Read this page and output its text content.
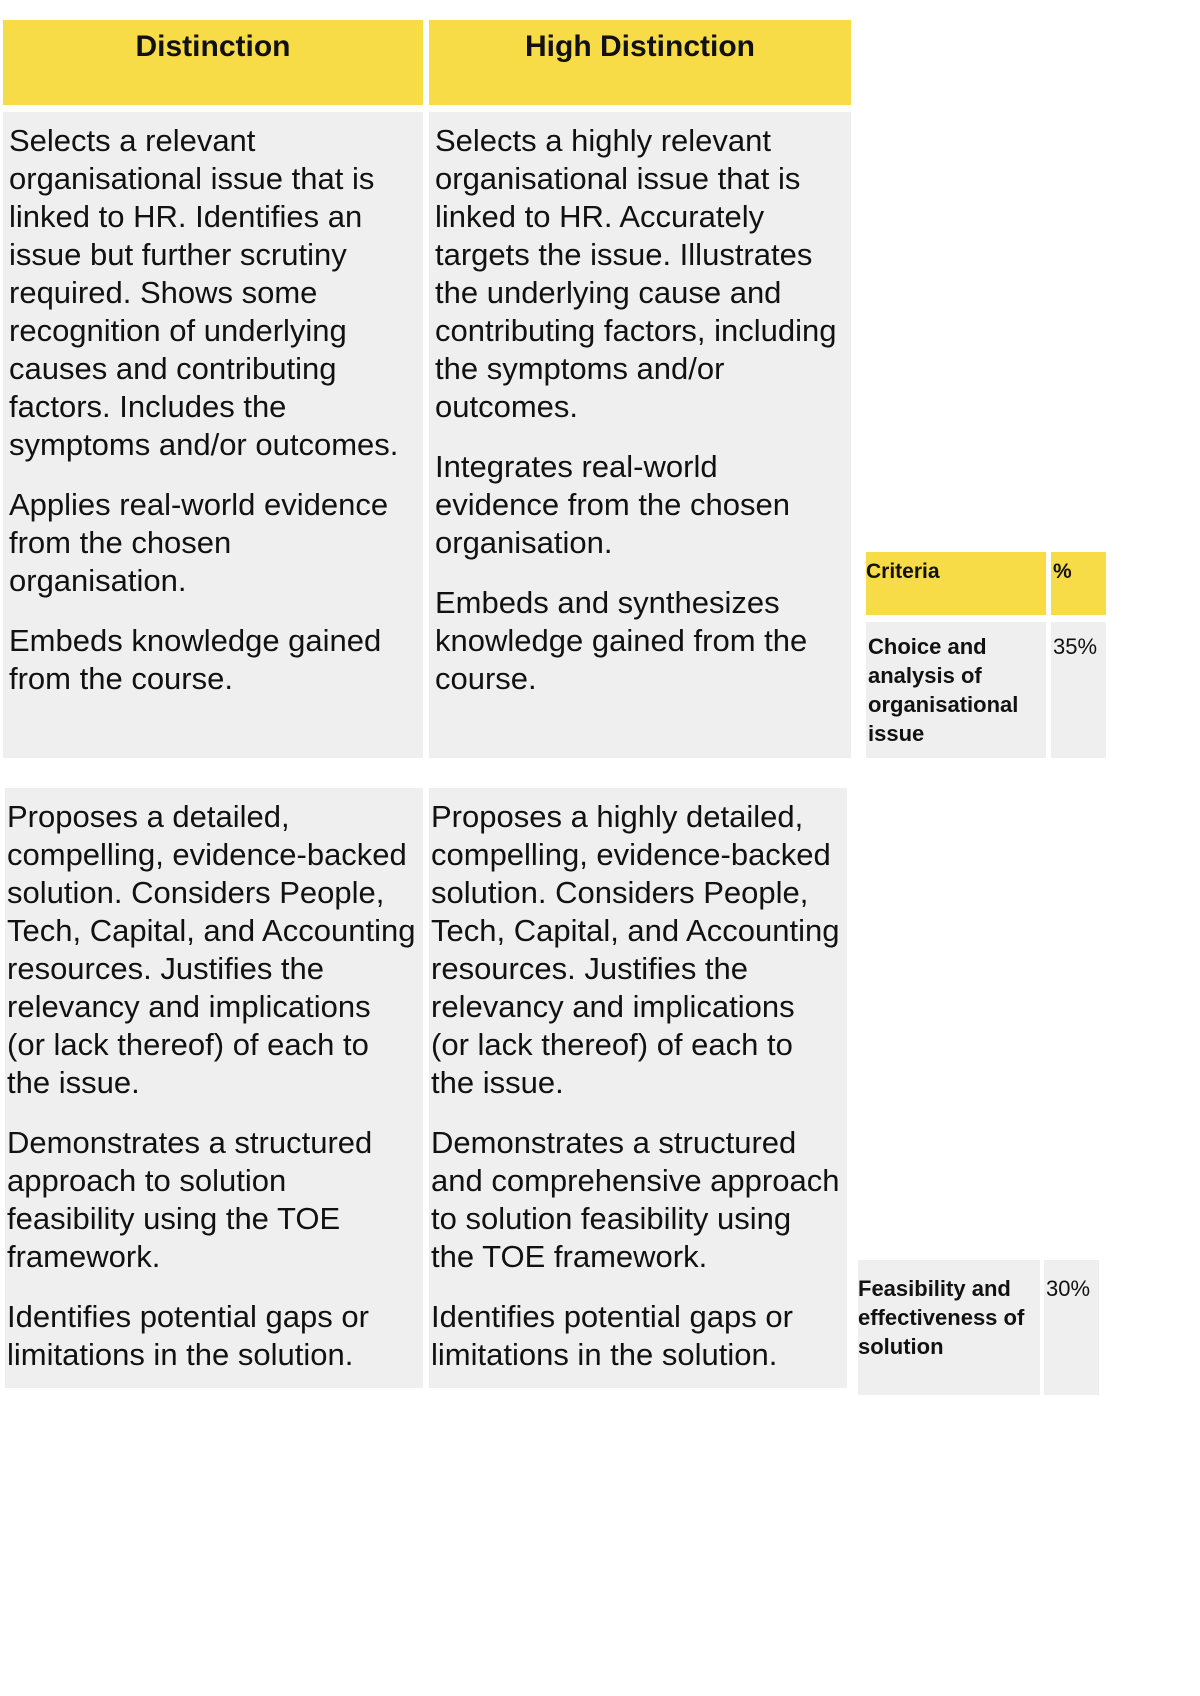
Distinction	High Distinction

Selects a relevant organisational issue that is linked to HR. Identifies an issue but further scrutiny required. Shows some recognition of underlying causes and contributing factors. Includes the symptoms and/or outcomes.

Applies real-world evidence from the chosen organisation.

Embeds knowledge gained from the course.

Selects a highly relevant organisational issue that is linked to HR. Accurately targets the issue. Illustrates the underlying cause and contributing factors, including the symptoms and/or outcomes.

Integrates real-world evidence from the chosen organisation.

Embeds and synthesizes knowledge gained from the course.

Proposes a detailed, compelling, evidence-backed solution. Considers People, Tech, Capital, and Accounting resources. Justifies the relevancy and implications (or lack thereof) of each to the issue.

Demonstrates a structured approach to solution feasibility using the TOE framework.

Identifies potential gaps or limitations in the solution.

Proposes a highly detailed, compelling, evidence-backed solution. Considers People, Tech, Capital, and Accounting resources. Justifies the relevancy and implications (or lack thereof) of each to the issue.

Demonstrates a structured and comprehensive approach to solution feasibility using the TOE framework.

Identifies potential gaps or limitations in the solution.

Criteria	%
Choice and analysis of organisational issue
35%
Feasibility and effectiveness of solution
30%
